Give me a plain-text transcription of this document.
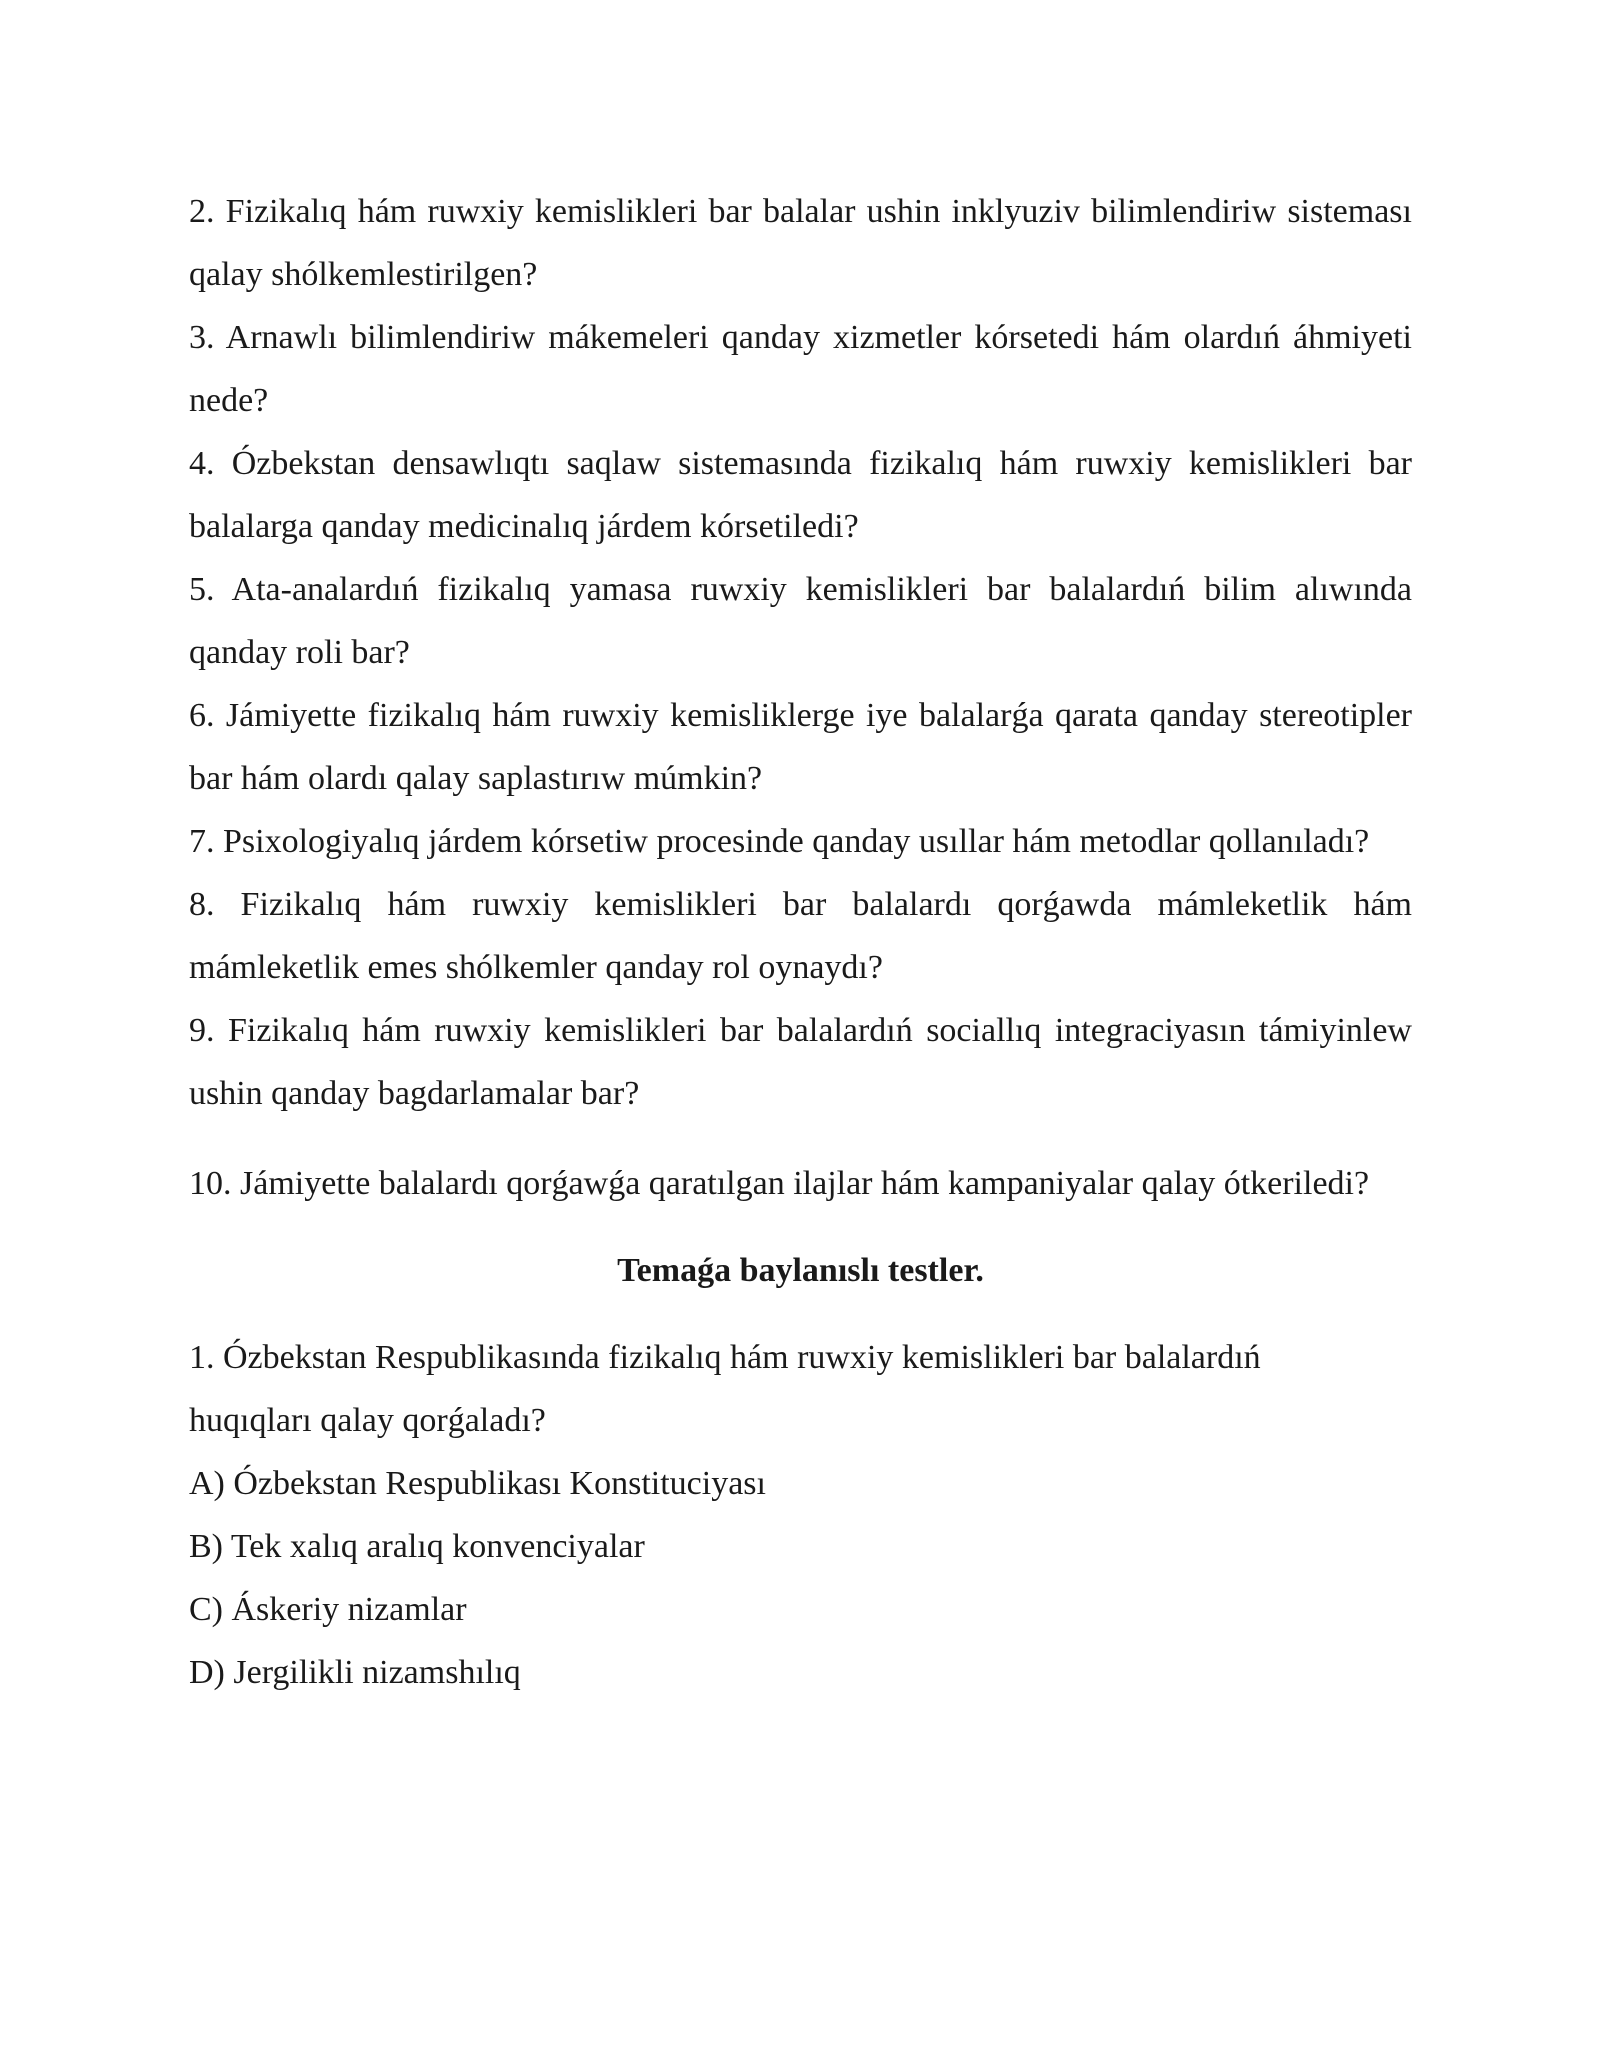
2. Fizikalıq hám ruwxiy kemislikleri bar balalar ushin inklyuziv bilimlendiriw sisteması qalay shólkemlestirilgen?

3. Arnawlı bilimlendiriw mákemeleri qanday xizmetler kórsetedi hám olardıń áhmiyeti nede?

4. Ózbekstan densawlıqtı saqlaw sistemasında fizikalıq hám ruwxiy kemislikleri bar balalarga qanday medicinalıq járdem kórsetiledi?

5. Ata-analardıń fizikalıq yamasa ruwxiy kemislikleri bar balalardıń bilim alıwında qanday roli bar?

6. Jámiyette fizikalıq hám ruwxiy kemisliklerge iye balalarǵa qarata qanday stereotipler bar hám olardı qalay saplastırıw múmkin?

7. Psixologiyalıq járdem kórsetiw procesinde qanday usıllar hám metodlar qollanıladı?

8. Fizikalıq hám ruwxiy kemislikleri bar balalardı qorǵawda mámleketlik hám mámleketlik emes shólkemler qanday rol oynaydı?

9. Fizikalıq hám ruwxiy kemislikleri bar balalardıń sociallıq integraciyasın támiyinlew ushin qanday bagdarlamalar bar?

10. Jámiyette balalardı qorǵawǵa qaratılgan ilajlar hám kampaniyalar qalay ótkeriledi?

Temaǵa baylanıslı testler.

1. Ózbekstan Respublikasında fizikalıq hám ruwxiy kemislikleri bar balalardıń

huqıqları qalay qorǵaladı?

A) Ózbekstan Respublikası Konstituciyası

B) Tek xalıq aralıq konvenciyalar

C) Áskeriy nizamlar

D) Jergilikli nizamshılıq
